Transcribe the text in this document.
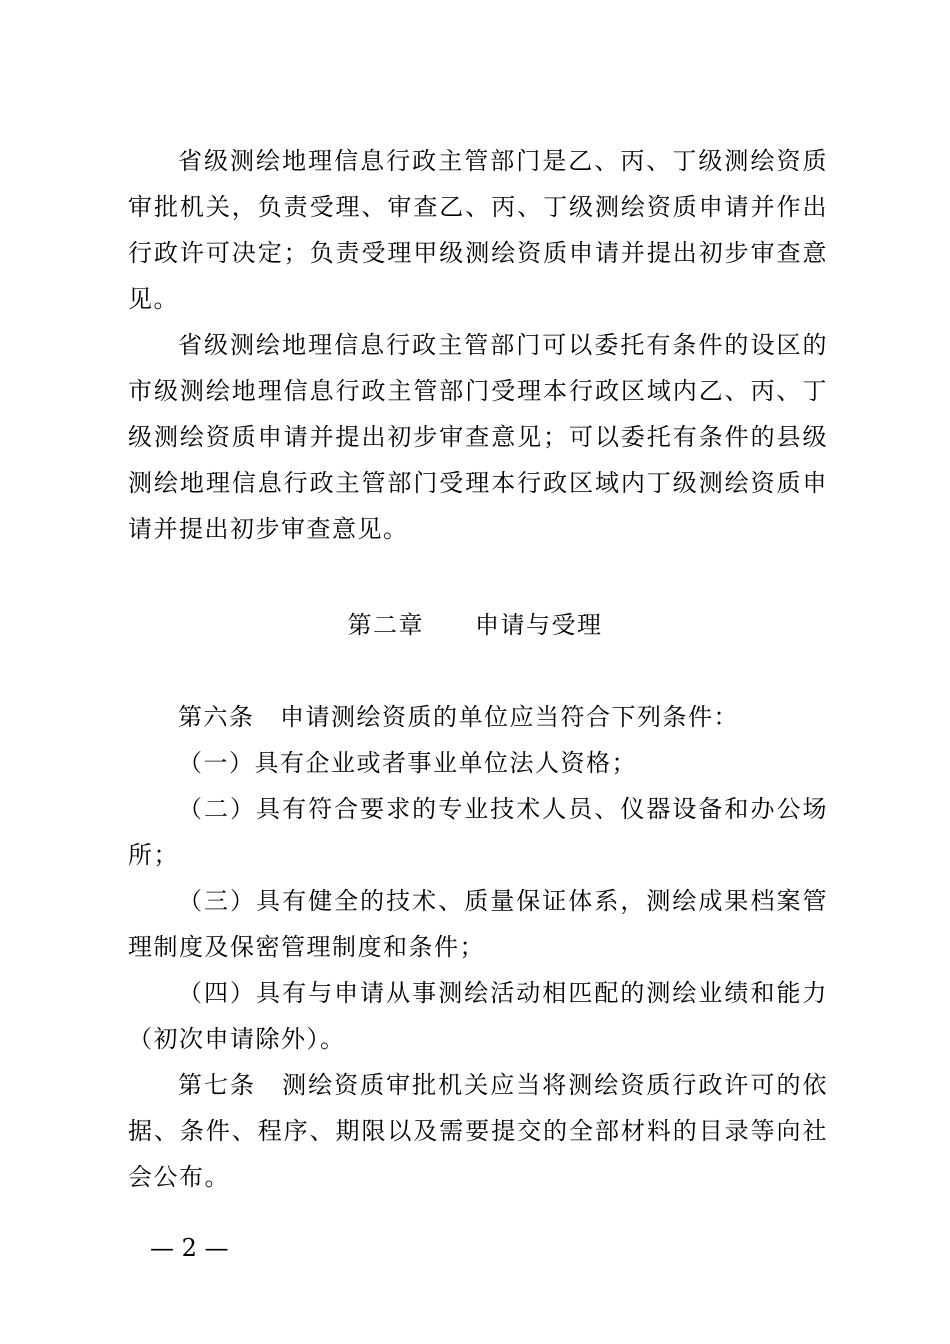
省级测绘地理信息行政主管部门是乙、丙、丁级测绘资质审批机关，负责受理、审查乙、丙、丁级测绘资质申请并作出行政许可决定；负责受理甲级测绘资质申请并提出初步审查意见。

省级测绘地理信息行政主管部门可以委托有条件的设区的市级测绘地理信息行政主管部门受理本行政区域内乙、丙、丁级测绘资质申请并提出初步审查意见；可以委托有条件的县级测绘地理信息行政主管部门受理本行政区域内丁级测绘资质申请并提出初步审查意见。

第二章　　申请与受理

第六条　申请测绘资质的单位应当符合下列条件：

（一）具有企业或者事业单位法人资格；

（二）具有符合要求的专业技术人员、仪器设备和办公场所；

（三）具有健全的技术、质量保证体系，测绘成果档案管理制度及保密管理制度和条件；

（四）具有与申请从事测绘活动相匹配的测绘业绩和能力（初次申请除外）。

第七条　测绘资质审批机关应当将测绘资质行政许可的依据、条件、程序、期限以及需要提交的全部材料的目录等向社会公布。

— 2 —
